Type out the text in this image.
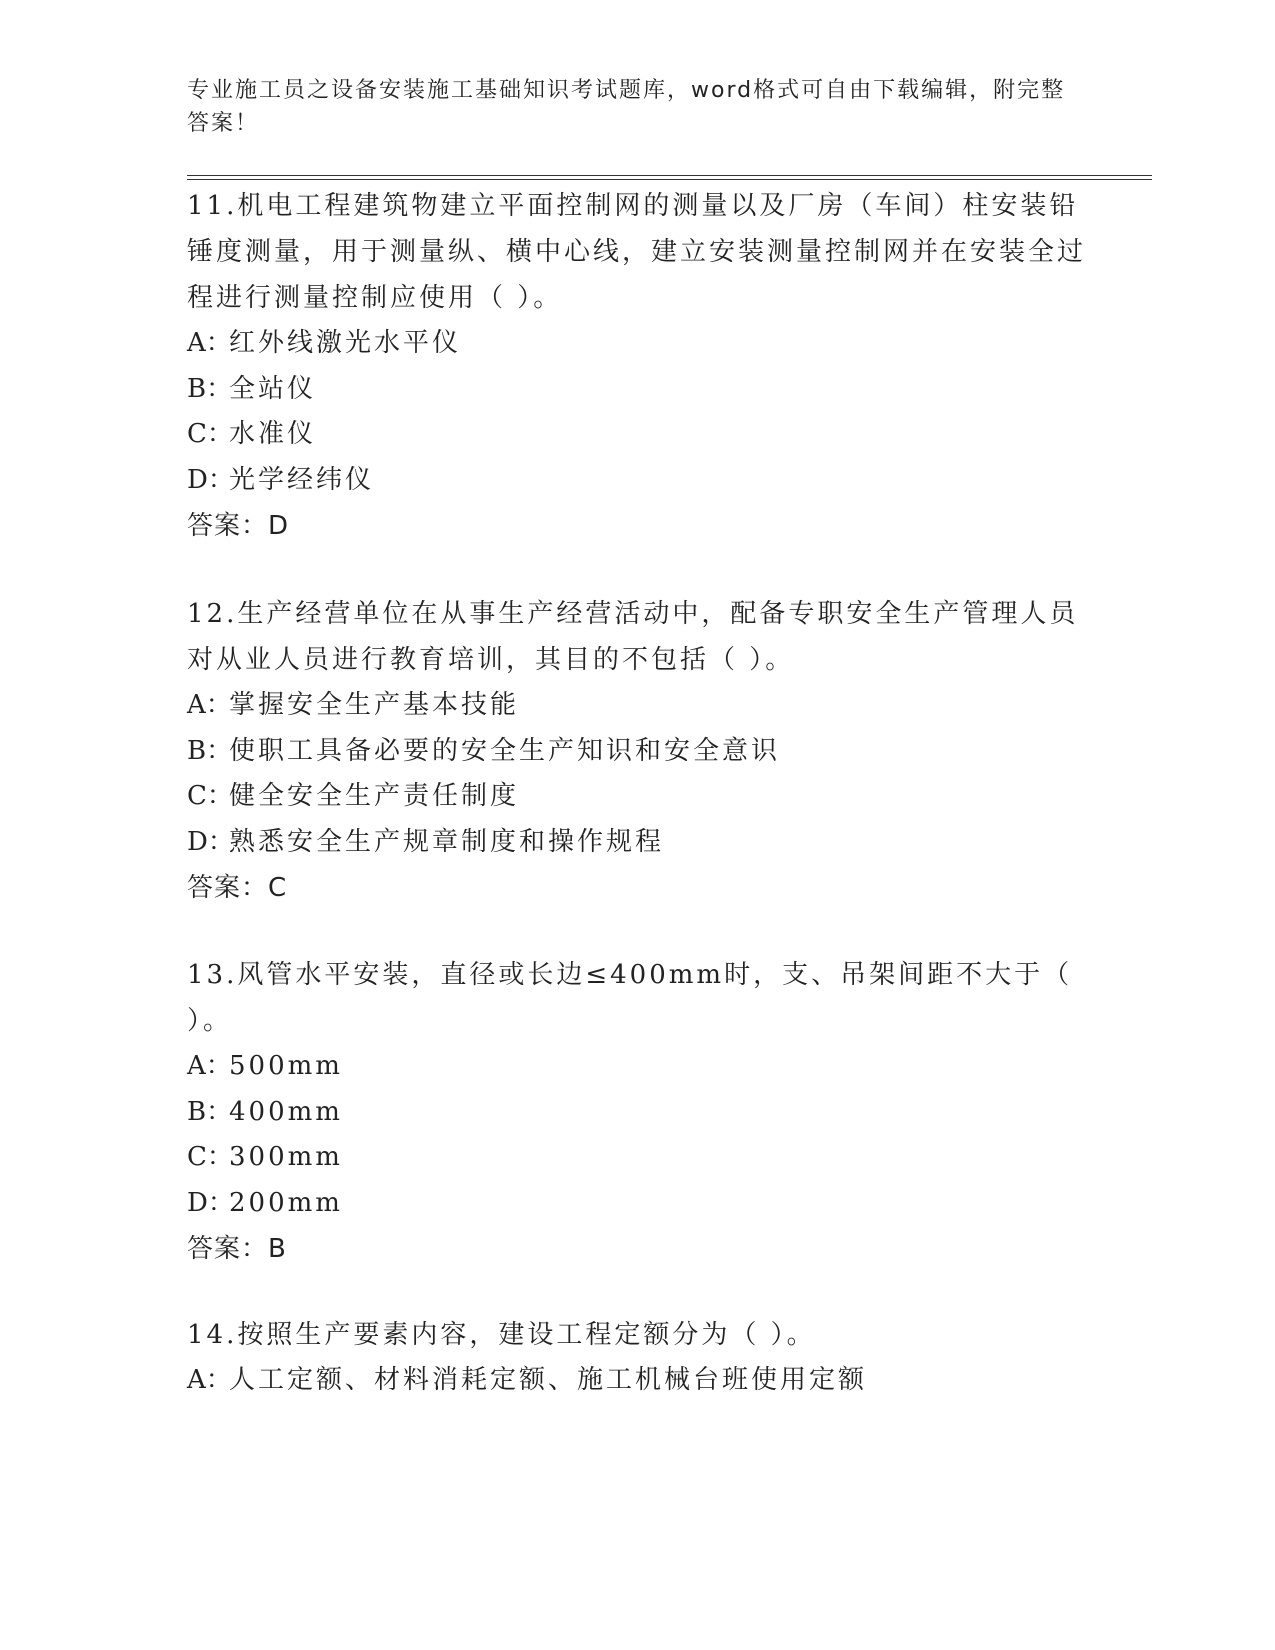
专业施工员之设备安装施工基础知识考试题库，word格式可自由下载编辑，附完整答案！

11.机电工程建筑物建立平面控制网的测量以及厂房（车间）柱安装铅锤度测量，用于测量纵、横中心线，建立安装测量控制网并在安装全过程进行测量控制应使用（ ）。

A：红外线激光水平仪

B：全站仪

C：水准仪

D：光学经纬仪

答案：D

12.生产经营单位在从事生产经营活动中，配备专职安全生产管理人员对从业人员进行教育培训，其目的不包括（ ）。

A：掌握安全生产基本技能

B：使职工具备必要的安全生产知识和安全意识

C：健全安全生产责任制度

D：熟悉安全生产规章制度和操作规程

答案：C

13.风管水平安装，直径或长边≤400mm时，支、吊架间距不大于（ ）。

A：500mm

B：400mm

C：300mm

D：200mm

答案：B

14.按照生产要素内容，建设工程定额分为（ ）。

A：人工定额、材料消耗定额、施工机械台班使用定额
